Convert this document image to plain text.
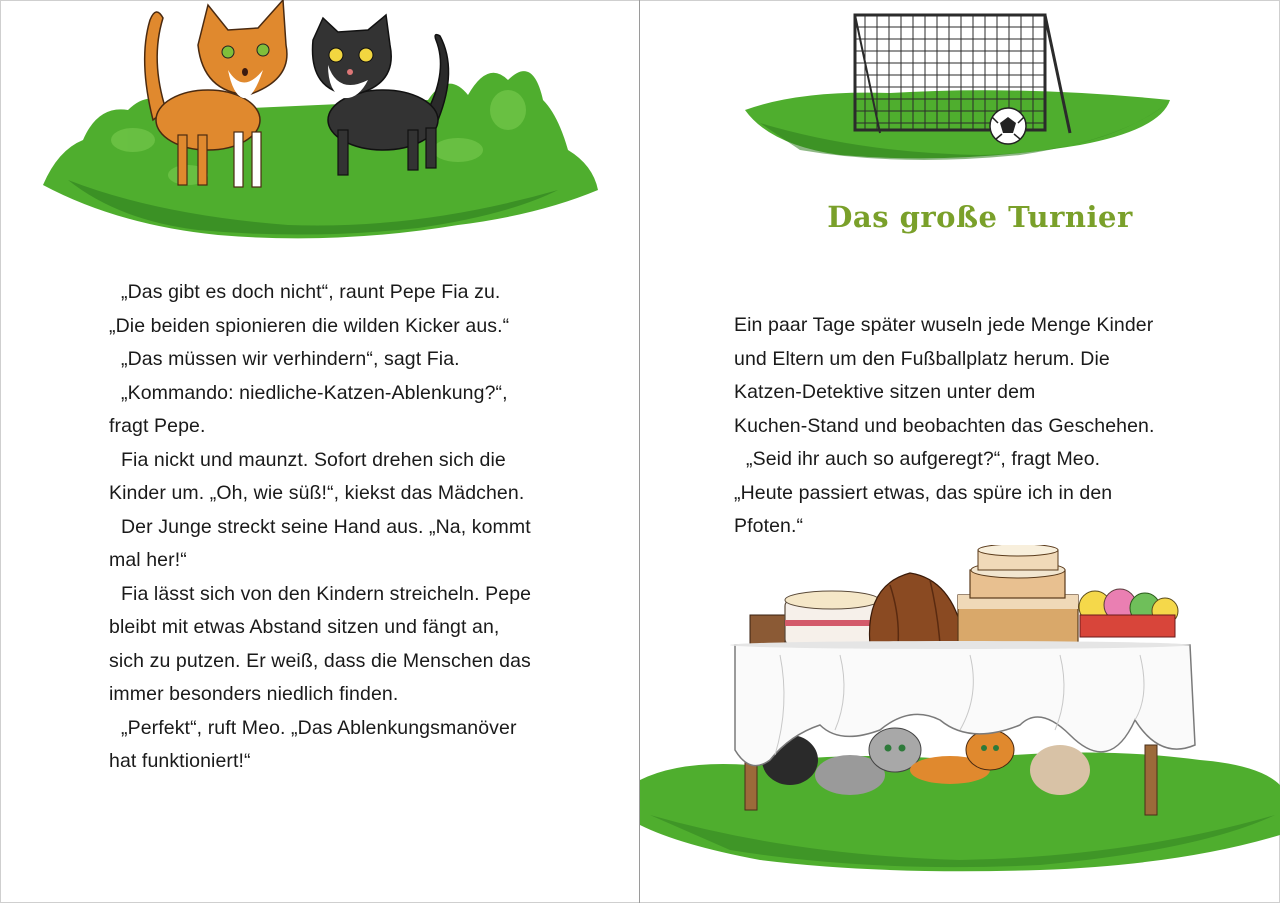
„Das gibt es doch nicht“, raunt Pepe Fia zu.

„Die beiden spionieren die wilden Kicker aus.“

„Das müssen wir verhindern“, sagt Fia.

„Kommando: niedliche-Katzen-Ablenkung?“,

fragt Pepe.

Fia nickt und maunzt. Sofort drehen sich die

Kinder um. „Oh, wie süß!“, kiekst das Mädchen.

Der Junge streckt seine Hand aus. „Na, kommt

mal her!“

Fia lässt sich von den Kindern streicheln. Pepe

bleibt mit etwas Abstand sitzen und fängt an,

sich zu putzen. Er weiß, dass die Menschen das

immer besonders niedlich finden.

„Perfekt“, ruft Meo. „Das Ablenkungsmanöver

hat funktioniert!“

Das große Turnier

Ein paar Tage später wuseln jede Menge Kinder

und Eltern um den Fußballplatz herum. Die

Katzen-Detektive sitzen unter dem

Kuchen-Stand und beobachten das Geschehen.

„Seid ihr auch so aufgeregt?“, fragt Meo.

„Heute passiert etwas, das spüre ich in den

Pfoten.“
